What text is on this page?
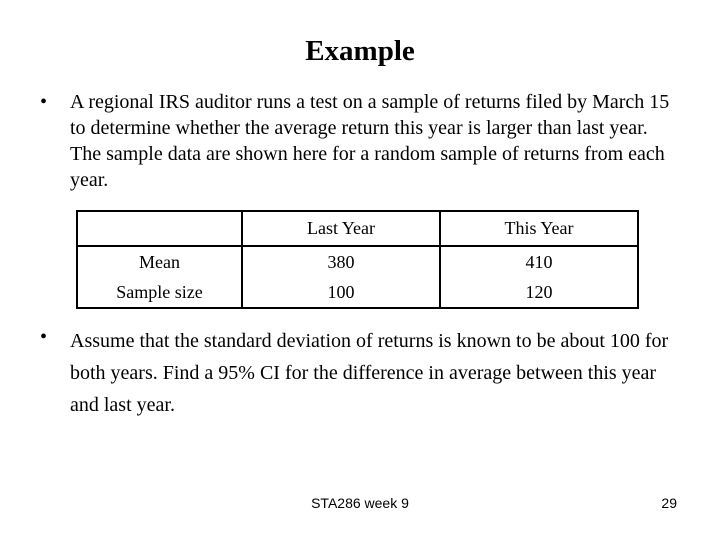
Example
• A regional IRS auditor runs a test on a sample of returns filed by March 15 to determine whether the average return this year is larger than last year. The sample data are shown here for a random sample of returns from each year.
	Last Year	This Year
Mean	380	410
Sample size	100	120
• Assume that the standard deviation of returns is known to be about 100 for both years. Find a 95% CI for the difference in average between this year and last year.
STA286 week 9	29
